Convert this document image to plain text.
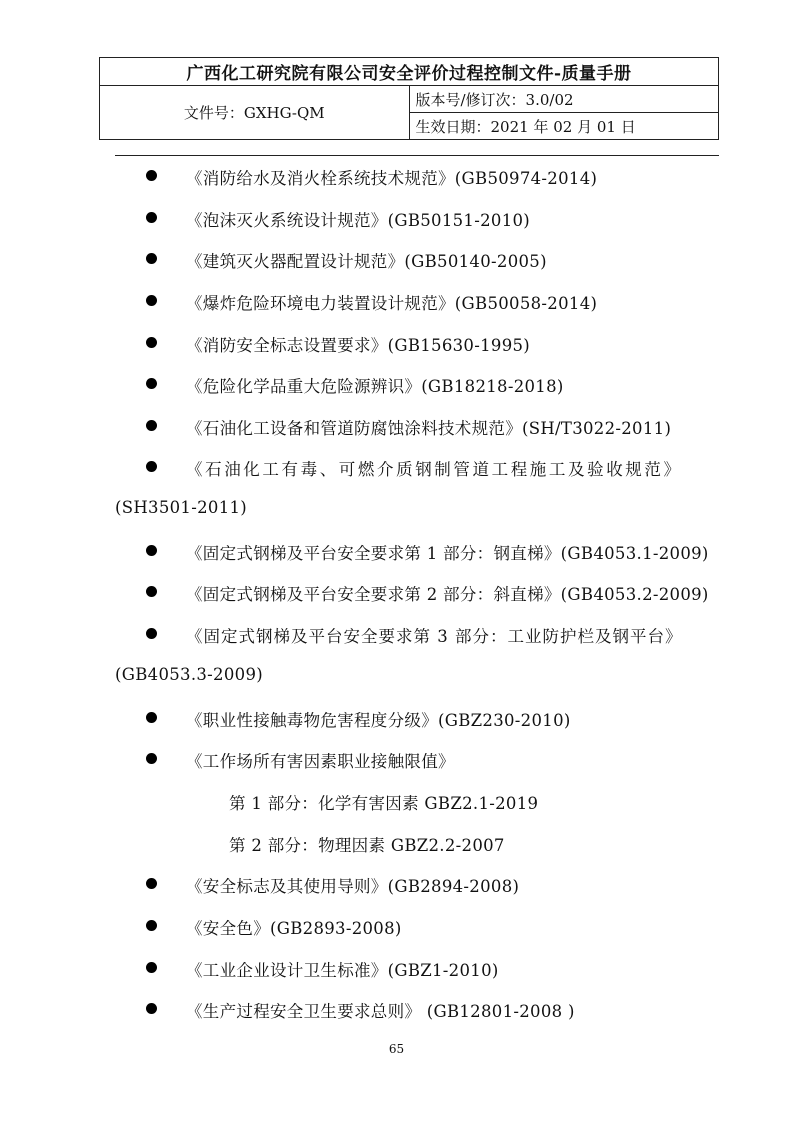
广西化工研究院有限公司安全评价过程控制文件-质量手册
文件号：GXHG-QM	版本号/修订次：3.0/02
生效日期：2021 年 02 月 01 日
《消防给水及消火栓系统技术规范》(GB50974-2014)
《泡沫灭火系统设计规范》(GB50151-2010)
《建筑灭火器配置设计规范》(GB50140-2005)
《爆炸危险环境电力装置设计规范》(GB50058-2014)
《消防安全标志设置要求》(GB15630-1995)
《危险化学品重大危险源辨识》(GB18218-2018)
《石油化工设备和管道防腐蚀涂料技术规范》(SH/T3022-2011)
《石油化工有毒、可燃介质钢制管道工程施工及验收规范》
(SH3501-2011)
《固定式钢梯及平台安全要求第 1 部分：钢直梯》(GB4053.1-2009)
《固定式钢梯及平台安全要求第 2 部分：斜直梯》(GB4053.2-2009)
《固定式钢梯及平台安全要求第 3 部分：工业防护栏及钢平台》
(GB4053.3-2009)
《职业性接触毒物危害程度分级》(GBZ230-2010)
《工作场所有害因素职业接触限值》
第 1 部分：化学有害因素 GBZ2.1-2019
第 2 部分：物理因素 GBZ2.2-2007
《安全标志及其使用导则》(GB2894-2008)
《安全色》(GB2893-2008)
《工业企业设计卫生标准》(GBZ1-2010)
《生产过程安全卫生要求总则》 (GB12801-2008 )
65
